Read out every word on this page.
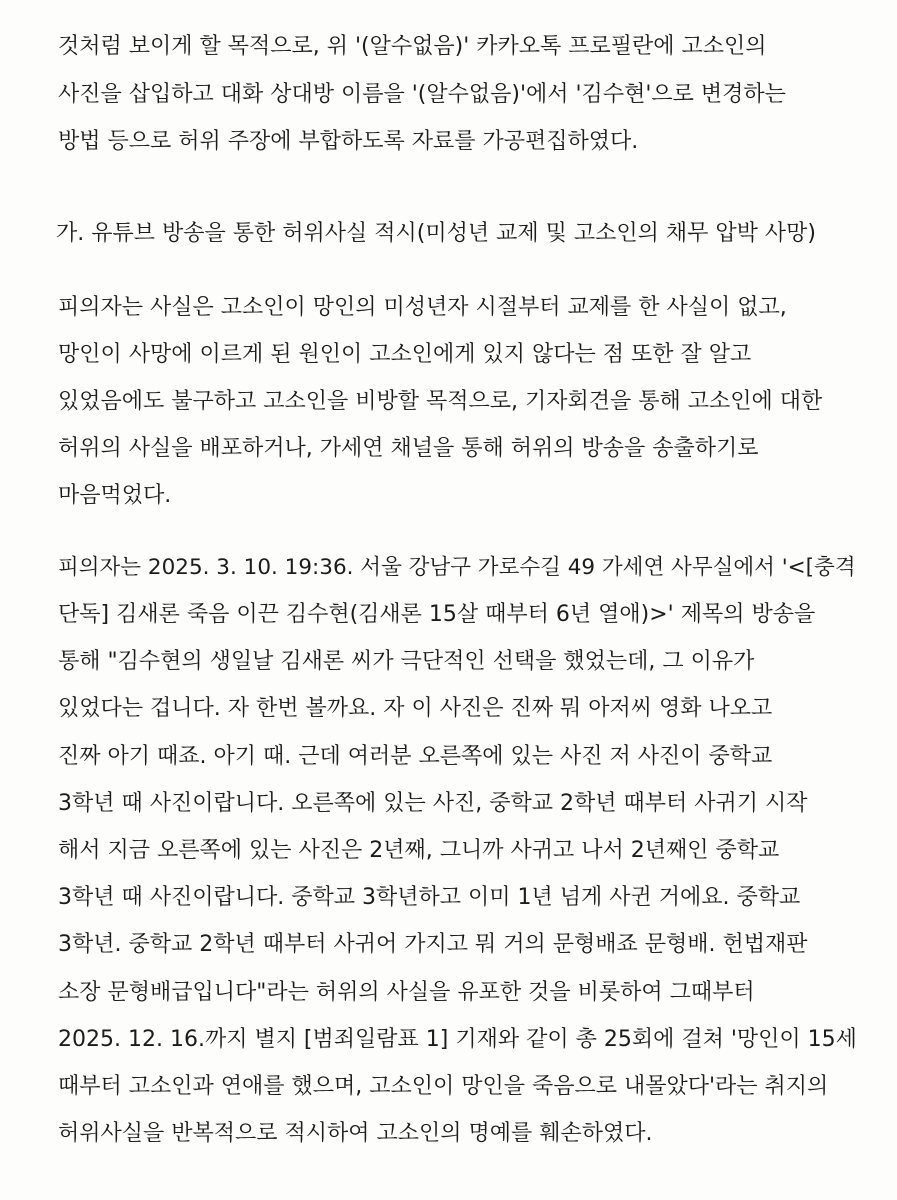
것처럼 보이게 할 목적으로, 위 '(알수없음)' 카카오톡 프로필란에 고소인의
사진을 삽입하고 대화 상대방 이름을 '(알수없음)'에서 '김수현'으로 변경하는
방법 등으로 허위 주장에 부합하도록 자료를 가공편집하였다.
가. 유튜브 방송을 통한 허위사실 적시(미성년 교제 및 고소인의 채무 압박 사망)
피의자는 사실은 고소인이 망인의 미성년자 시절부터 교제를 한 사실이 없고,
망인이 사망에 이르게 된 원인이 고소인에게 있지 않다는 점 또한 잘 알고
있었음에도 불구하고 고소인을 비방할 목적으로, 기자회견을 통해 고소인에 대한
허위의 사실을 배포하거나, 가세연 채널을 통해 허위의 방송을 송출하기로
마음먹었다.
피의자는 2025. 3. 10. 19:36. 서울 강남구 가로수길 49 가세연 사무실에서 '<[충격
단독] 김새론 죽음 이끈 김수현(김새론 15살 때부터 6년 열애)>' 제목의 방송을
통해 "김수현의 생일날 김새론 씨가 극단적인 선택을 했었는데, 그 이유가
있었다는 겁니다. 자 한번 볼까요. 자 이 사진은 진짜 뭐 아저씨 영화 나오고
진짜 아기 때죠. 아기 때. 근데 여러분 오른쪽에 있는 사진 저 사진이 중학교
3학년 때 사진이랍니다. 오른쪽에 있는 사진, 중학교 2학년 때부터 사귀기 시작
해서 지금 오른쪽에 있는 사진은 2년째, 그니까 사귀고 나서 2년째인 중학교
3학년 때 사진이랍니다. 중학교 3학년하고 이미 1년 넘게 사귄 거에요. 중학교
3학년. 중학교 2학년 때부터 사귀어 가지고 뭐 거의 문형배죠 문형배. 헌법재판
소장 문형배급입니다"라는 허위의 사실을 유포한 것을 비롯하여 그때부터
2025. 12. 16.까지 별지 [범죄일람표 1] 기재와 같이 총 25회에 걸쳐 '망인이 15세
때부터 고소인과 연애를 했으며, 고소인이 망인을 죽음으로 내몰았다'라는 취지의
허위사실을 반복적으로 적시하여 고소인의 명예를 훼손하였다.
